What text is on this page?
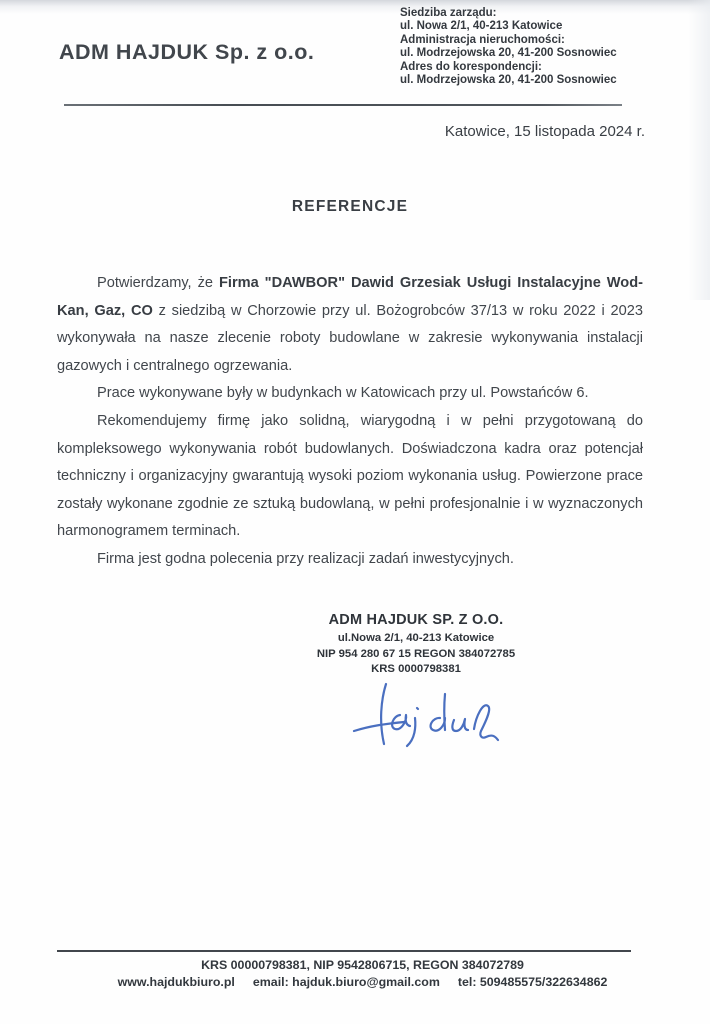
ADM HAJDUK Sp. z o.o.
Siedziba zarządu:
ul. Nowa 2/1, 40-213 Katowice
Administracja nieruchomości:
ul. Modrzejowska 20, 41-200 Sosnowiec
Adres do korespondencji:
ul. Modrzejowska 20, 41-200 Sosnowiec
Katowice, 15 listopada 2024 r.
REFERENCJE

Potwierdzamy, że Firma "DAWBOR" Dawid Grzesiak Usługi Instalacyjne Wod-Kan, Gaz, CO z siedzibą w Chorzowie przy ul. Bożogrobców 37/13 w roku 2022 i 2023 wykonywała na nasze zlecenie roboty budowlane w zakresie wykonywania instalacji gazowych i centralnego ogrzewania.

Prace wykonywane były w budynkach w Katowicach przy ul. Powstańców 6.

Rekomendujemy firmę jako solidną, wiarygodną i w pełni przygotowaną do kompleksowego wykonywania robót budowlanych. Doświadczona kadra oraz potencjał techniczny i organizacyjny gwarantują wysoki poziom wykonania usług. Powierzone prace zostały wykonane zgodnie ze sztuką budowlaną, w pełni profesjonalnie i w wyznaczonych harmonogramem terminach.

Firma jest godna polecenia przy realizacji zadań inwestycyjnych.

ADM HAJDUK SP. Z O.O.
ul.Nowa 2/1, 40-213 Katowice
NIP 954 280 67 15 REGON 384072785
KRS 0000798381
KRS 00000798381, NIP 9542806715, REGON 384072789
www.hajdukbiuro.pl email: hajduk.biuro@gmail.com tel: 509485575/322634862
